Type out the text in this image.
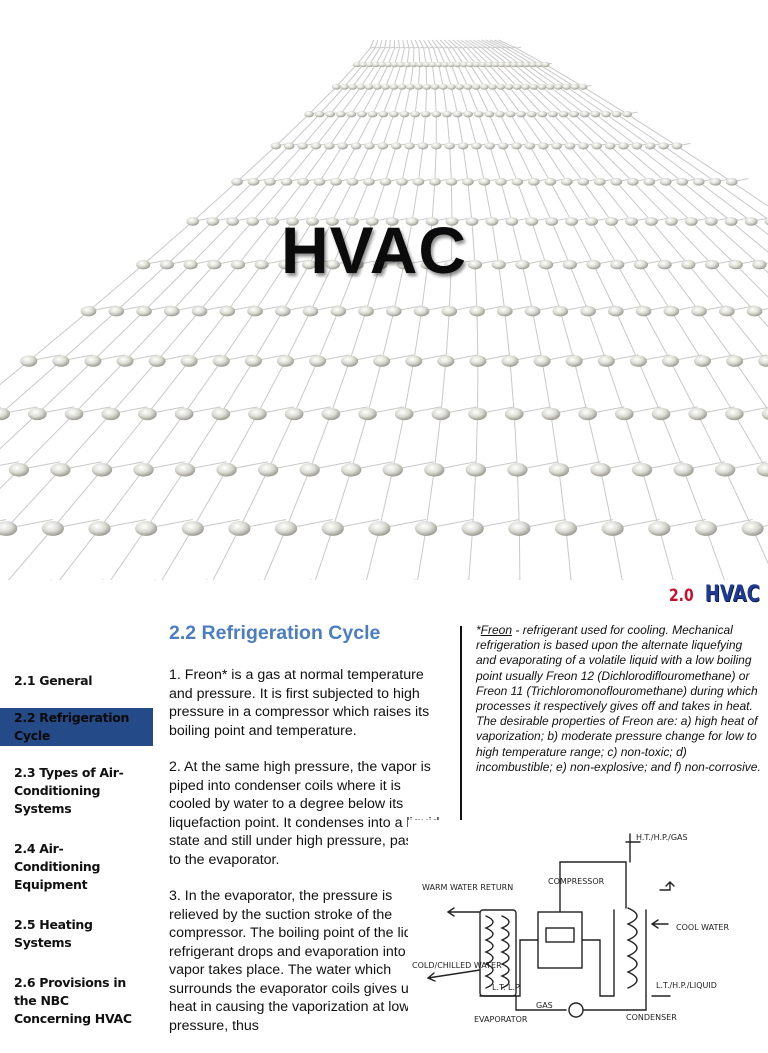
HVAC
2.0 HVAC
2.1 General
2.2 Refrigeration Cycle
2.3 Types of Air-Conditioning Systems
2.4 Air-Conditioning Equipment
2.5 Heating Systems
2.6 Provisions in the NBC Concerning HVAC
2.2 Refrigeration Cycle

1. Freon* is a gas at normal temperature and pressure. It is first subjected to high pressure in a compressor which raises its boiling point and temperature.

2. At the same high pressure, the vapor is piped into condenser coils where it is cooled by water to a degree below its liquefaction point. It condenses into a liquid state and still under high pressure, passes to the evaporator.

3. In the evaporator, the pressure is relieved by the suction stroke of the compressor. The boiling point of the liquid refrigerant drops and evaporation into a vapor takes place. The water which surrounds the evaporator coils gives up its heat in causing the vaporization at low pressure, thus

*Freon - refrigerant used for cooling. Mechanical refrigeration is based upon the alternate liquefying and evaporating of a volatile liquid with a low boiling point usually Freon 12 (Dichlorodiflouromethane) or Freon 11 (Trichloromonoflouromethane) during which processes it respectively gives off and takes in heat. The desirable properties of Freon are: a) high heat of vaporization; b) moderate pressure change for low to high temperature range; c) non-toxic; d) incombustible; e) non-explosive; and f) non-corrosive.
H.T./H.P./GAS
COMPRESSOR
WARM WATER RETURN
COOL WATER
COLD/CHILLED WATER
L.T. L.P.
GAS
L.T./H.P./LIQUID
EVAPORATOR	CONDENSER
